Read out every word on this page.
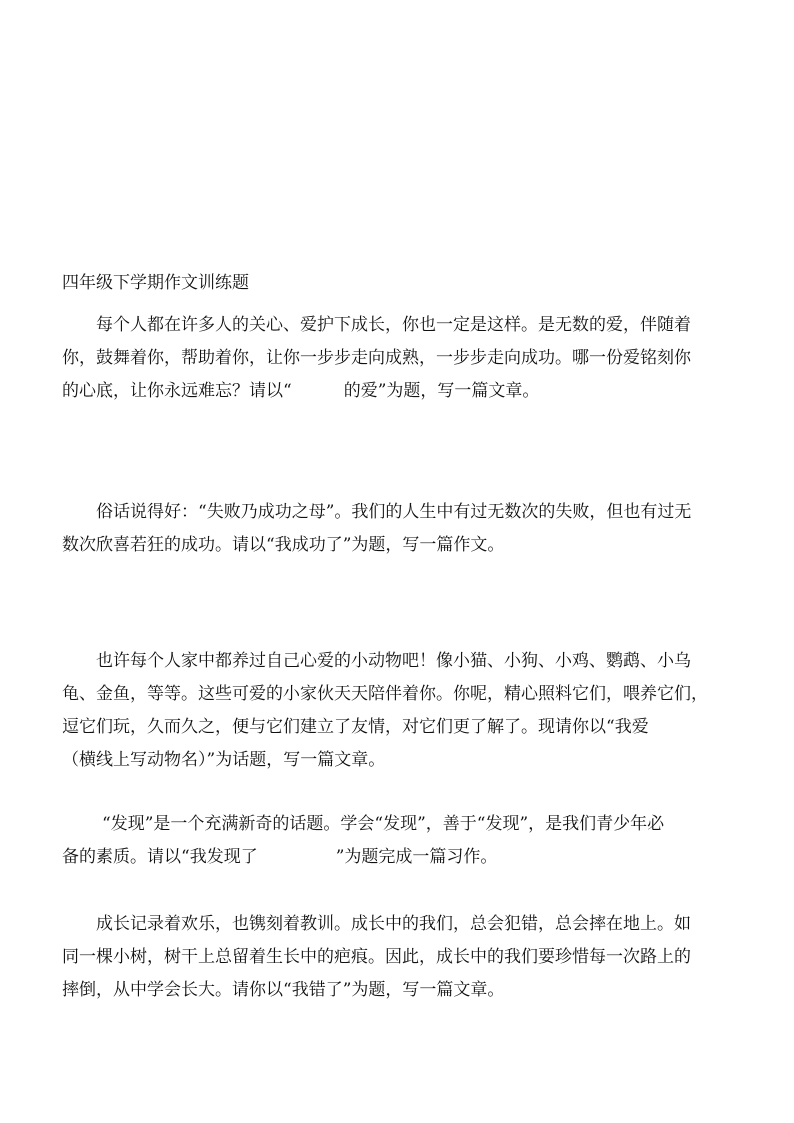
四年级下学期作文训练题
每个人都在许多人的关心、爱护下成长，你也一定是这样。是无数的爱，伴随着
你，鼓舞着你，帮助着你，让你一步步走向成熟，一步步走向成功。哪一份爱铭刻你
的心底，让你永远难忘？请以“	的爱”为题，写一篇文章。
俗话说得好：“失败乃成功之母”。我们的人生中有过无数次的失败，但也有过无
数次欣喜若狂的成功。请以“我成功了”为题，写一篇作文。
也许每个人家中都养过自己心爱的小动物吧！像小猫、小狗、小鸡、鹦鹉、小乌
龟、金鱼，等等。这些可爱的小家伙天天陪伴着你。你呢，精心照料它们，喂养它们，
逗它们玩，久而久之，便与它们建立了友情，对它们更了解了。现请你以“我爱
（横线上写动物名）”为话题，写一篇文章。
“发现”是一个充满新奇的话题。学会“发现”，善于“发现”，是我们青少年必
备的素质。请以“我发现了	”为题完成一篇习作。
成长记录着欢乐，也镌刻着教训。成长中的我们，总会犯错，总会摔在地上。如
同一棵小树，树干上总留着生长中的疤痕。因此，成长中的我们要珍惜每一次路上的
摔倒，从中学会长大。请你以“我错了”为题，写一篇文章。
